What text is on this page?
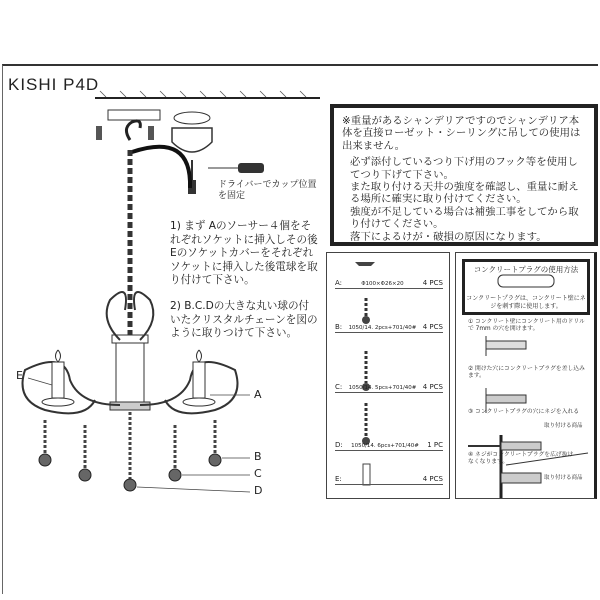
KISHI P4D
E
A
B
C
D
ドライバーでカップ位置を固定
1) まず Aのソーサー４個をそれぞれソケットに挿入しその後Eのソケットカバーをそれぞれソケットに挿入した後電球を取り付けて下さい。
2) B.C.Dの大きな丸い球の付いたクリスタルチェーンを図のように取りつけて下さい。

※重量があるシャンデリアですのでシャンデリア本体を直接ローゼット・シーリングに吊しての使用は出来ません。

必ず添付しているつり下げ用のフック等を使用してつり下げて下さい。

また取り付ける天井の強度を確認し、重量に耐える場所に確実に取り付けてください。

強度が不足している場合は補強工事をしてから取り付けてください。

落下によるけが・破損の原因になります。

A:	Φ100×Φ26×20	4 PCS
B: 1050/14. 2pcs+701/40# 4 PCS
C: 1050/14. 5pcs+701/40# 4 PCS
D: 1050/14. 6pcs+701/40# 1 PC
E:	4 PCS
コンクリートプラグの使用方法
コンクリートプラグは、コンクリート壁にネジを刺す際に使用します。
① コンクリート壁にコンクリート用のドリルで 7mm の穴を開けます。
② 開けた穴にコンクリートプラグを差し込みます。
③ コンクリートプラグの穴にネジを入れる
取り付ける商品
④ ネジがコンクリートプラグを広げ抜けなくなります。
取り付ける商品
